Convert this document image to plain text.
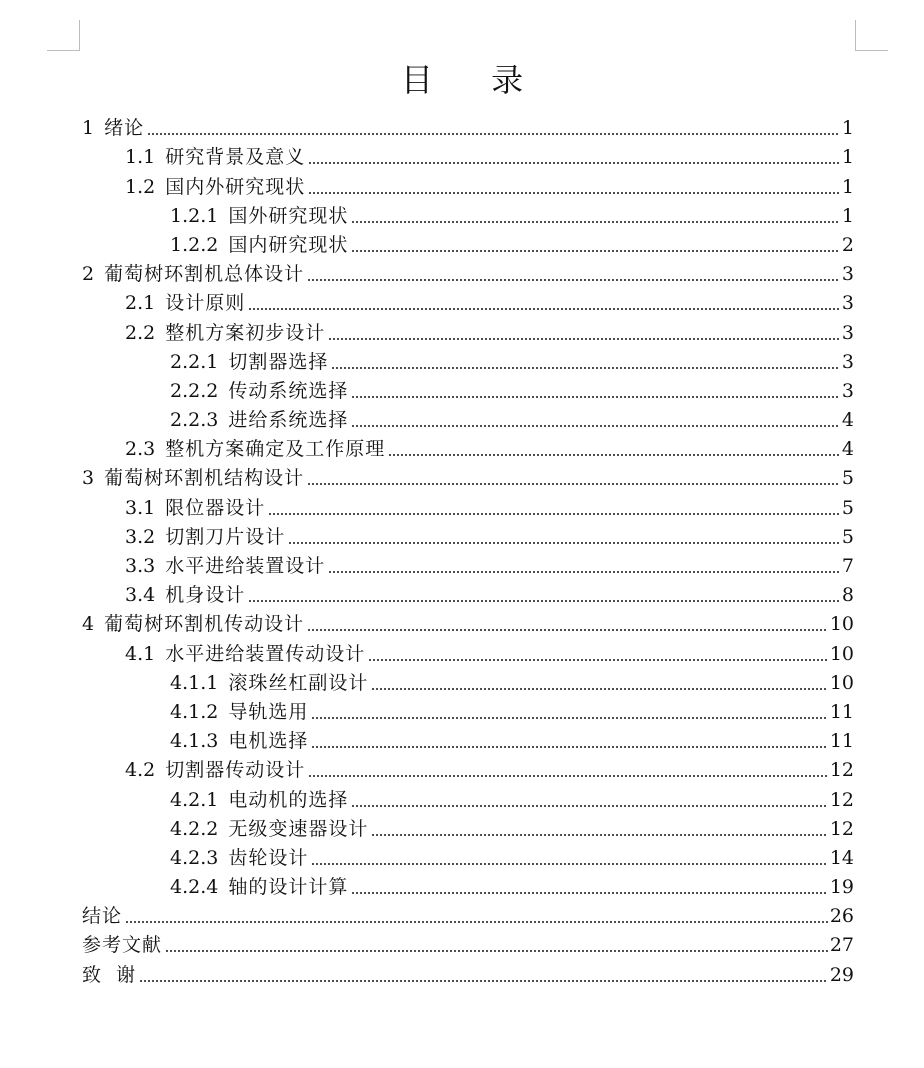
目 录
1 绪论	1
1.1 研究背景及意义	1
1.2 国内外研究现状	1
1.2.1 国外研究现状	1
1.2.2 国内研究现状	2
2 葡萄树环割机总体设计	3
2.1 设计原则	3
2.2 整机方案初步设计	3
2.2.1 切割器选择	3
2.2.2 传动系统选择	3
2.2.3 进给系统选择	4
2.3 整机方案确定及工作原理	4
3 葡萄树环割机结构设计	5
3.1 限位器设计	5
3.2 切割刀片设计	5
3.3 水平进给装置设计	7
3.4 机身设计	8
4 葡萄树环割机传动设计	10
4.1 水平进给装置传动设计	10
4.1.1 滚珠丝杠副设计	10
4.1.2 导轨选用	11
4.1.3 电机选择	11
4.2 切割器传动设计	12
4.2.1 电动机的选择	12
4.2.2 无级变速器设计	12
4.2.3 齿轮设计	14
4.2.4 轴的设计计算	19
结论	26
参考文献	27
致  谢	29
